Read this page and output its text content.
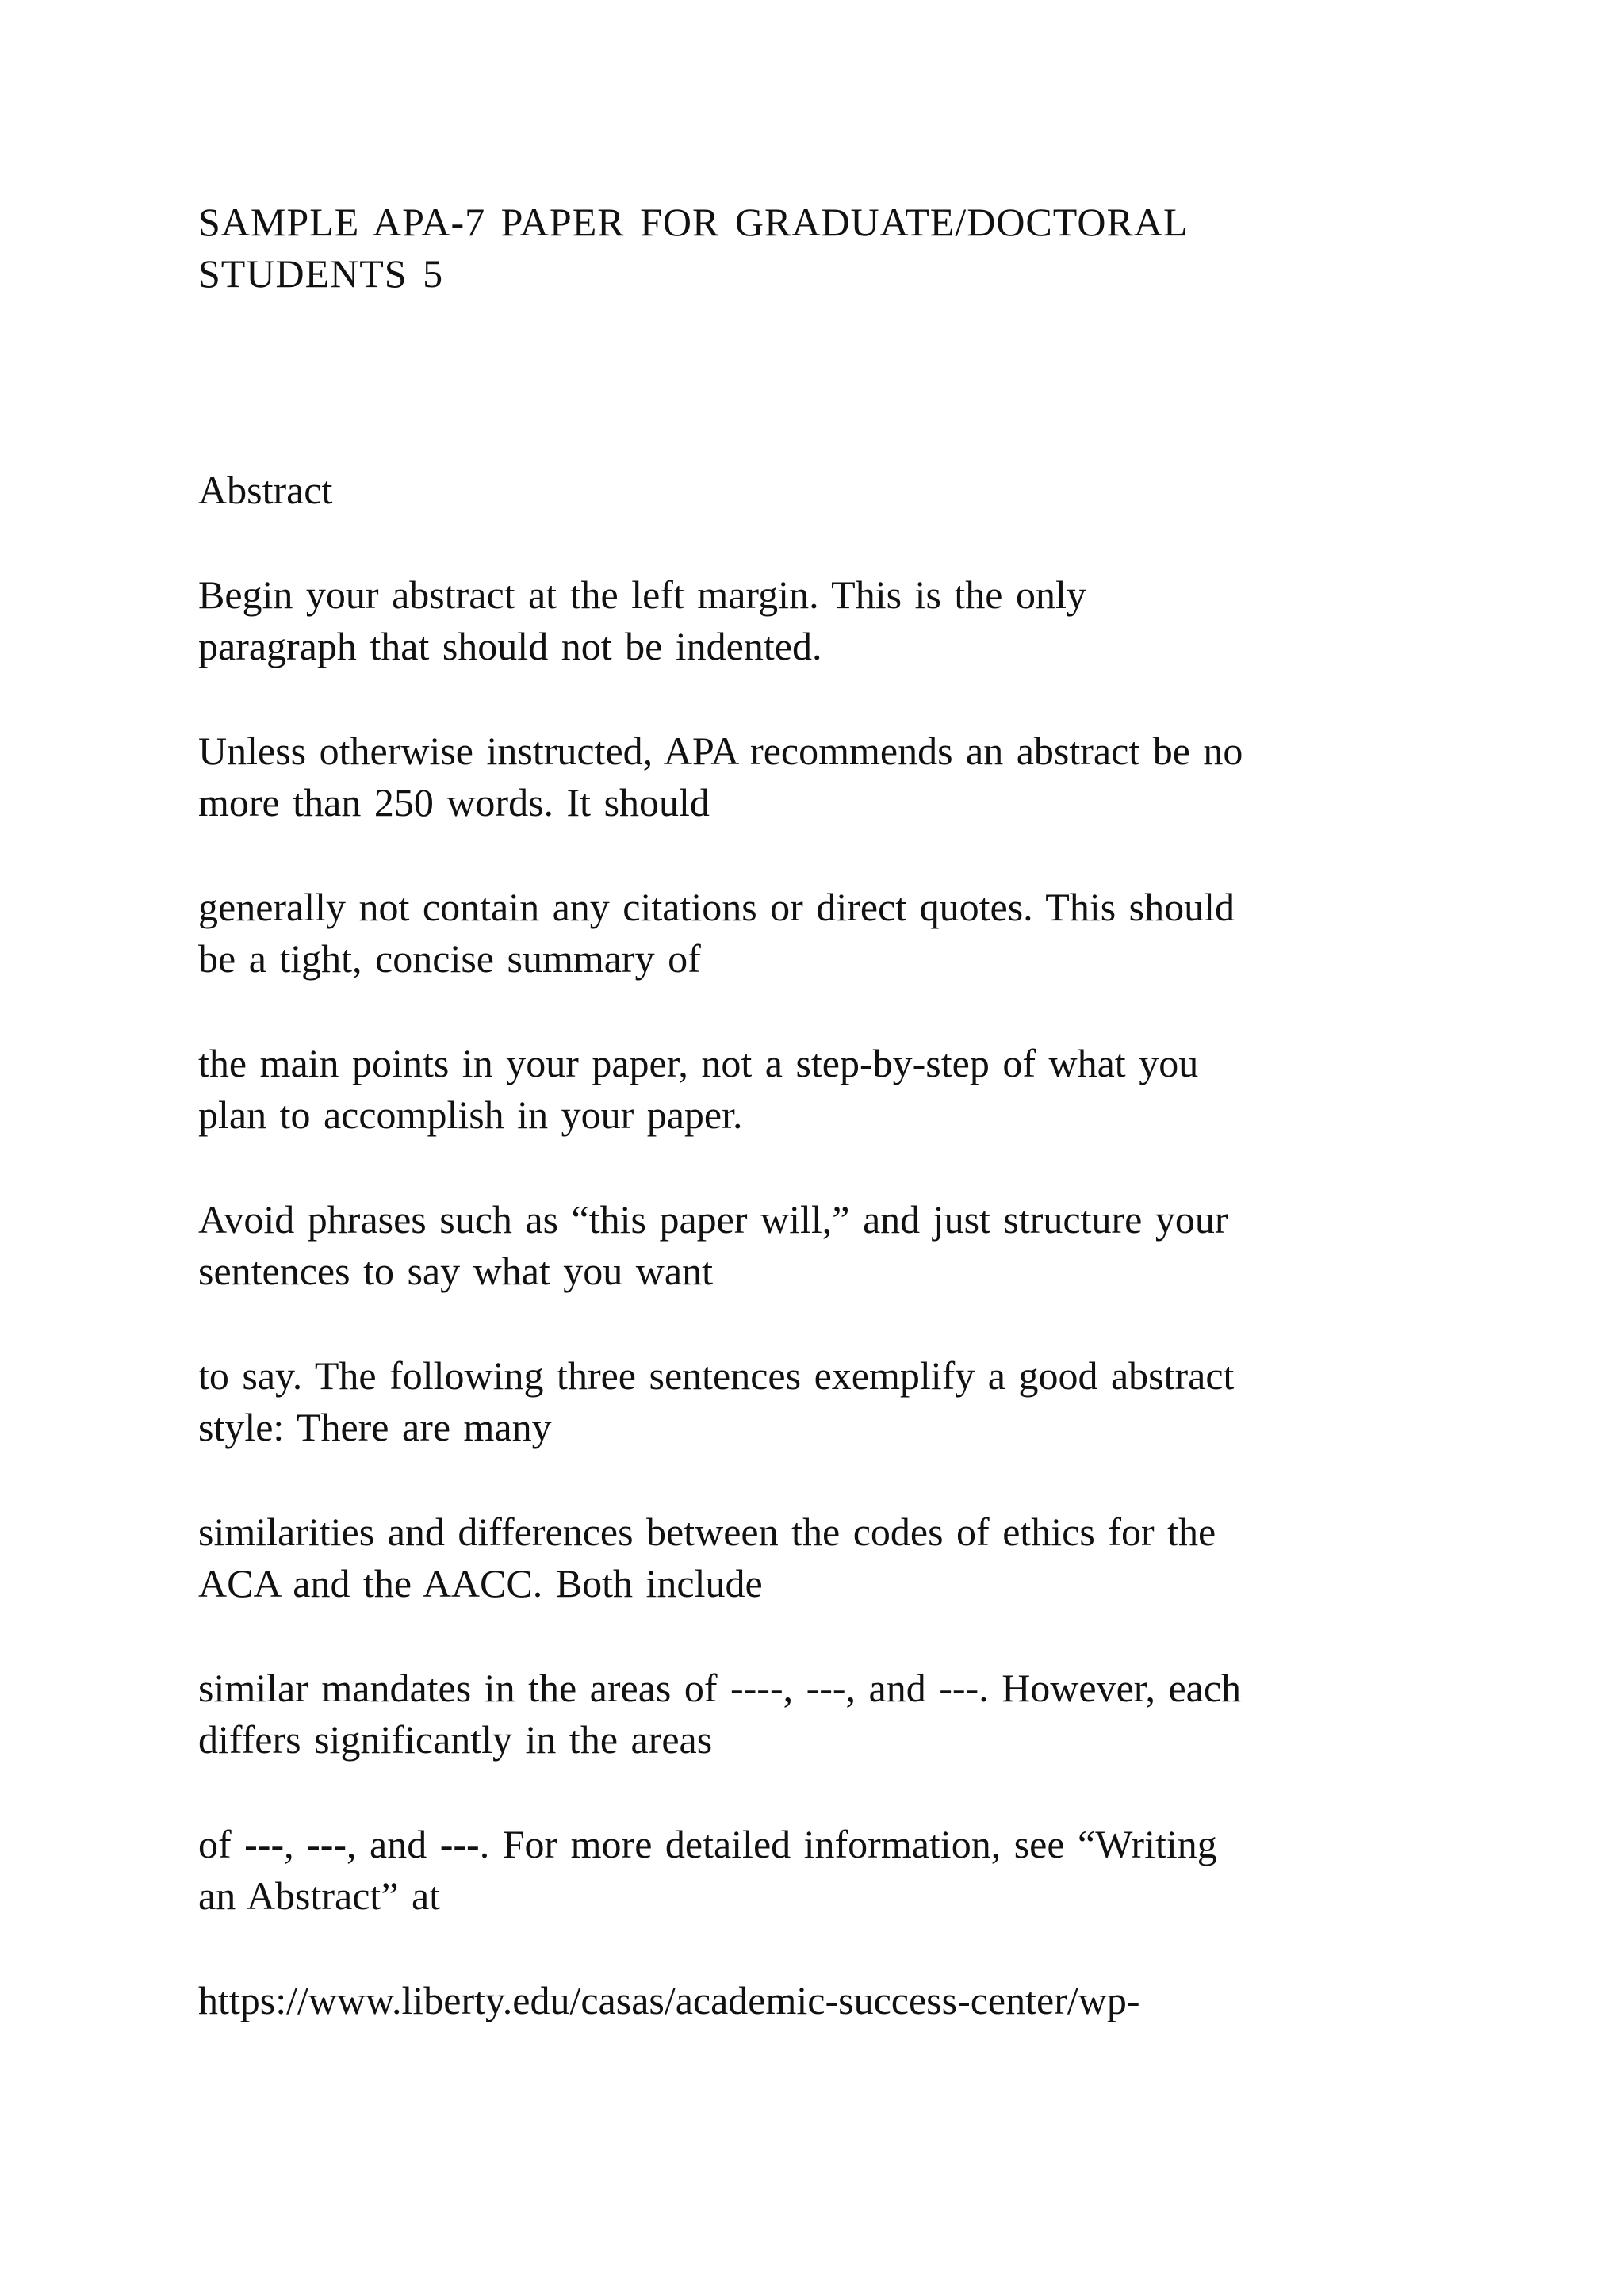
SAMPLE APA-7 PAPER FOR GRADUATE/DOCTORAL
STUDENTS 5
Abstract
Begin your abstract at the left margin. This is the only
paragraph that should not be indented.
Unless otherwise instructed, APA recommends an abstract be no
more than 250 words. It should
generally not contain any citations or direct quotes. This should
be a tight, concise summary of
the main points in your paper, not a step-by-step of what you
plan to accomplish in your paper.
Avoid phrases such as “this paper will,” and just structure your
sentences to say what you want
to say. The following three sentences exemplify a good abstract
style: There are many
similarities and differences between the codes of ethics for the
ACA and the AACC. Both include
similar mandates in the areas of ----, ---, and ---. However, each
differs significantly in the areas
of ---, ---, and ---. For more detailed information, see “Writing
an Abstract” at
https://www.liberty.edu/casas/academic-success-center/wp-
